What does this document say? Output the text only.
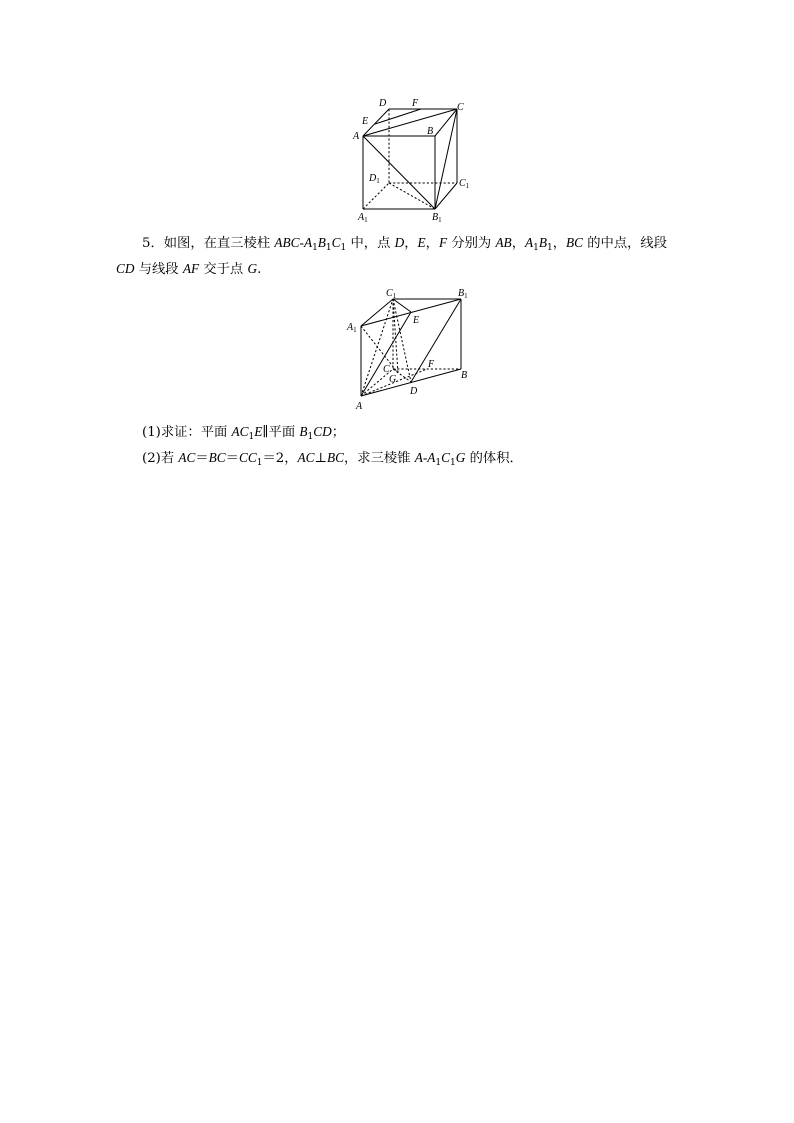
D	F	C
E
B
A
$D_1$	$C_1$
$A_1$	$B_1$
5．如图，在直三棱柱 ABC-$A_1B_1C_1$ 中，点 D，E，F 分别为 AB，$A_1B_1$，BC 的中点，线段
CD 与线段 AF 交于点 G.
$C_1$	$B_1$
$A_1$
E
C	F
G	B
D
A
(1)求证：平面 $AC_1E\parallel$平面 $B_1CD$；
(2)若 $AC=BC=CC_1=2$，AC⊥BC，求三棱锥 $A-A_1C_1G$ 的体积．
